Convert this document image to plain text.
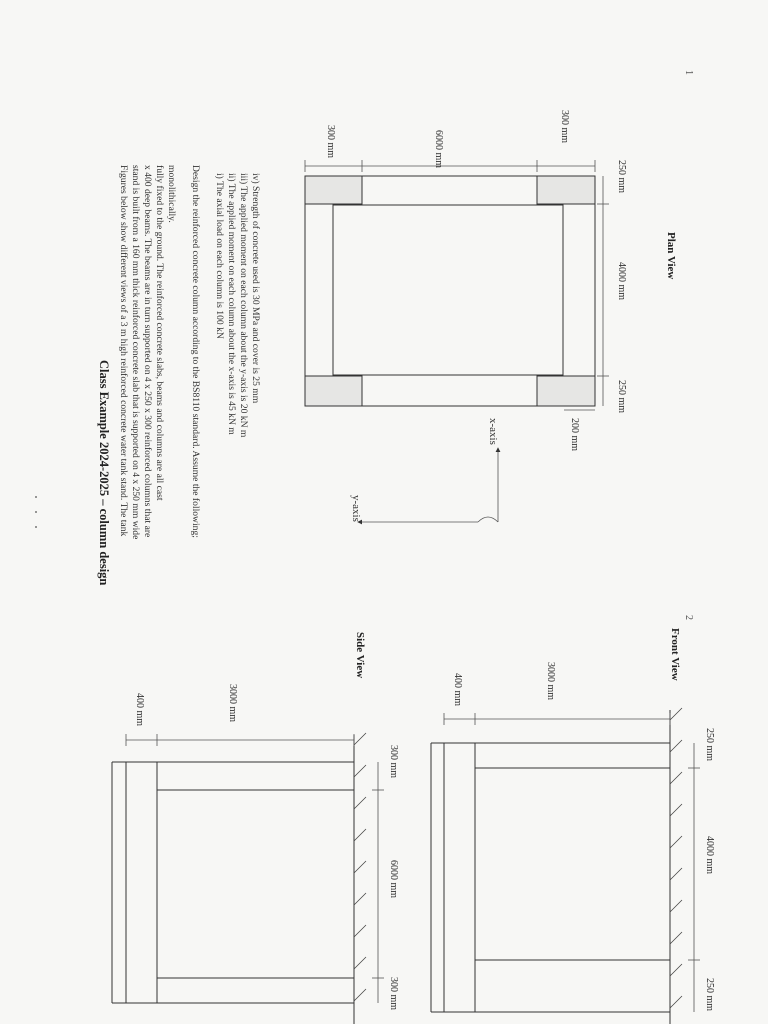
Class Example 2024-2025 – column design Figures below show different views of a 3 m high reinforced concrete water tank stand. The tank stand is built from a 160 mm thick reinforced concrete slab that is supported on 4 x 250 mm wide x 400 deep beams. The beams are in turn supported on 4 x 250 x 300 reinforced columns that are fully fixed to the ground. The reinforced concrete slabs, beams and columns are all cast monolithically. Design the reinforced concrete column according to the BS8110 standard. Assume the following; i) The axial load on each column is 100 kN ii) The applied moment on each column about the x-axis is 45 kN m iii) The applied moment on each column about the y-axis is 20 kN m iv) Strength of concrete used is 30 MPa and cover is 25 mm
1
2
300 mm	6000 mm
300 mm
250 mm
4000 mm
250 mm
200 mm
Plan View
x-axis
y-axis
400 mm	3000 mm
300 mm
6000 mm
300 mm
Side View
400 mm	3000 mm
250 mm
4000 mm
250 mm
Front View
